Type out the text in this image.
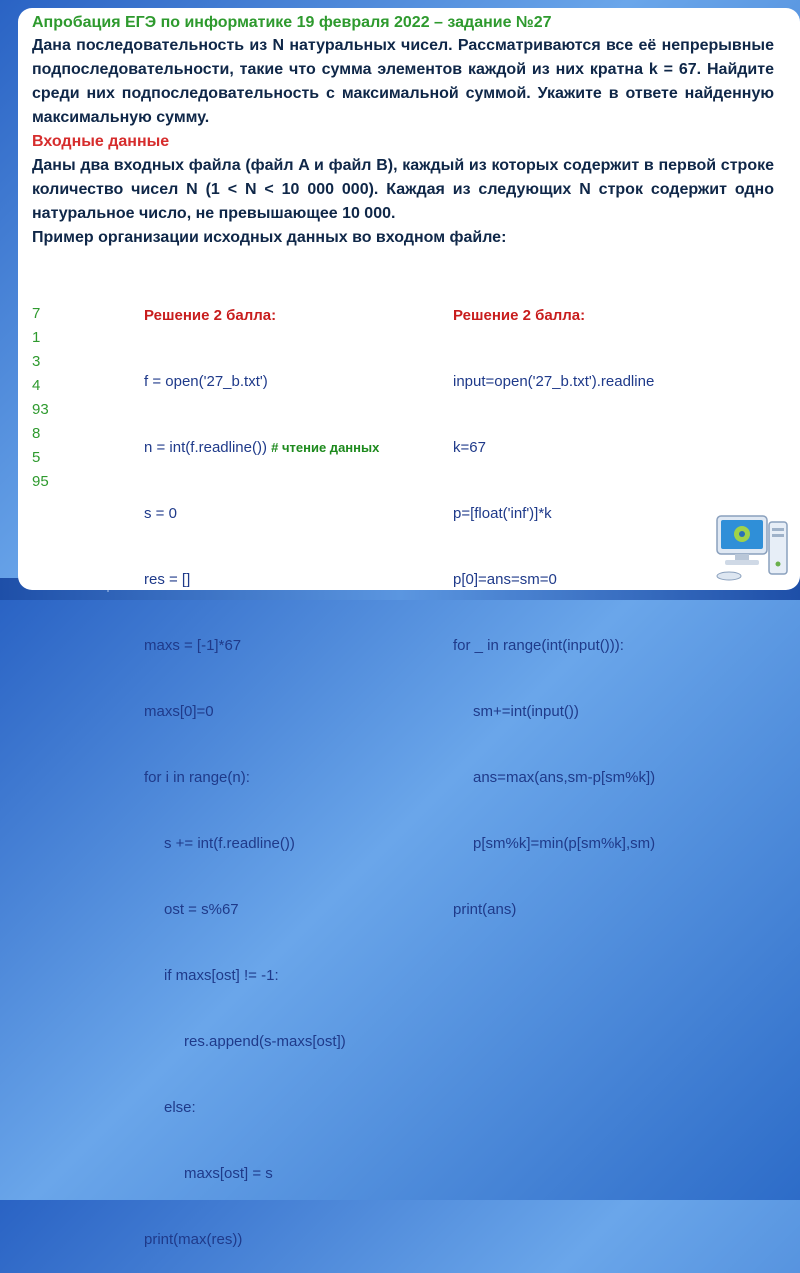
Апробация ЕГЭ по информатике 19 февраля 2022 – задание №27
Дана последовательность из N натуральных чисел. Рассматриваются все её непрерывные подпоследовательности, такие что сумма элементов каждой из них кратна k = 67. Найдите среди них подпоследовательность с максимальной суммой. Укажите в ответе найденную максимальную сумму.
Входные данные
Даны два входных файла (файл A и файл B), каждый из которых содержит в первой строке количество чисел N (1 < N < 10 000 000). Каждая из следующих N строк содержит одно натуральное число, не превышающее 10 000.
Пример организации исходных данных во входном файле:
7
1
3
4
93
8
5
95

Решение 2 балла:

f = open('27_b.txt')

n = int(f.readline()) # чтение данных

s = 0

res = []

maxs = [-1]*67

maxs[0]=0

for i in range(n):

s += int(f.readline())

ost = s%67

if maxs[ost] != -1:

res.append(s-maxs[ost])

else:

maxs[ost] = s

print(max(res))

Решение 2 балла:

input=open('27_b.txt').readline

k=67

p=[float('inf')]*k

p[0]=ans=sm=0

for _ in range(int(input())):

sm+=int(input())

ans=max(ans,sm-p[sm%k])

p[sm%k]=min(p[sm%k],sm)

print(ans)
